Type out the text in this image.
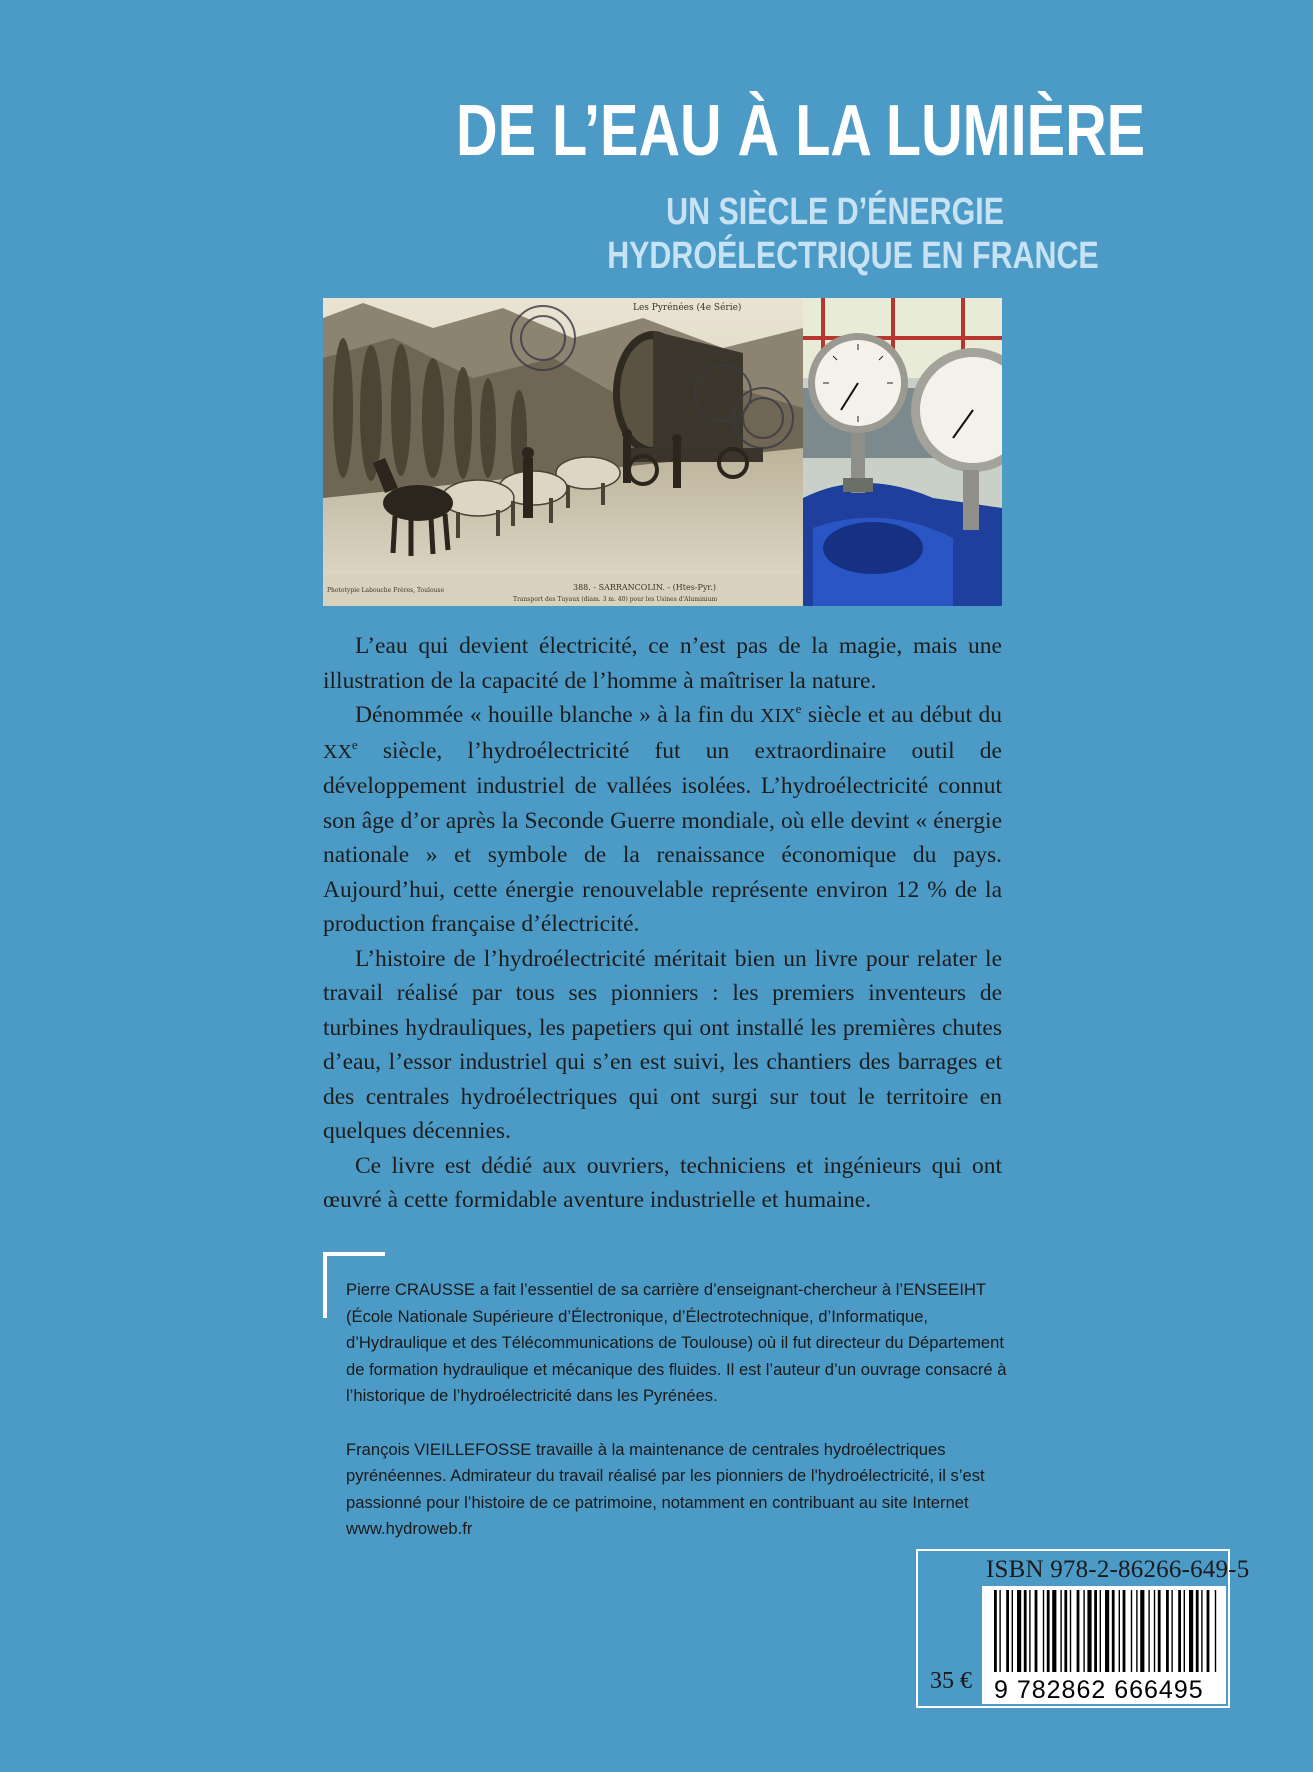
DE L’EAU À LA LUMIÈRE
UN SIÈCLE D’ÉNERGIE
HYDROÉLECTRIQUE EN FRANCE
Les Pyrénées (4e Série)
388. - SARRANCOLIN. - (Htes-Pyr.)
Transport des Tuyaux (diam. 3 m. 40) pour les Usines d'Aluminium
Phototypie Labouche Frères, Toulouse

L’eau qui devient électricité, ce n’est pas de la magie, mais une illustration de la capacité de l’homme à maîtriser la nature.

Dénommée « houille blanche » à la fin du XIXe siècle et au début du XXe siècle, l’hydroélectricité fut un extraordinaire outil de développement industriel de vallées isolées. L’hydroélectricité connut son âge d’or après la Seconde Guerre mondiale, où elle devint « énergie nationale » et symbole de la renaissance économique du pays. Aujourd’hui, cette énergie renouvelable représente environ 12 % de la production française d’électricité.

L’histoire de l’hydroélectricité méritait bien un livre pour relater le travail réalisé par tous ses pionniers : les premiers inventeurs de turbines hydrauliques, les papetiers qui ont installé les premières chutes d’eau, l’essor industriel qui s’en est suivi, les chantiers des barrages et des centrales hydroélectriques qui ont surgi sur tout le territoire en quelques décennies.

Ce livre est dédié aux ouvriers, techniciens et ingénieurs qui ont œuvré à cette formidable aventure industrielle et humaine.

Pierre CRAUSSE a fait l’essentiel de sa carrière d’enseignant-chercheur à l’ENSEEIHT (École Nationale Supérieure d’Électronique, d’Électrotechnique, d’Informatique, d’Hydraulique et des Télécommunications de Toulouse) où il fut directeur du Département de formation hydraulique et mécanique des fluides. Il est l’auteur d’un ouvrage consacré à l’historique de l’hydroélectricité dans les Pyrénées.

François VIEILLEFOSSE travaille à la maintenance de centrales hydroélectriques pyrénéennes. Admirateur du travail réalisé par les pionniers de l'hydroélectricité, il s’est passionné pour l’histoire de ce patrimoine, notamment en contribuant au site Internet www.hydroweb.fr

ISBN 978-2-86266-649-5
9 782862 666495
35 €
